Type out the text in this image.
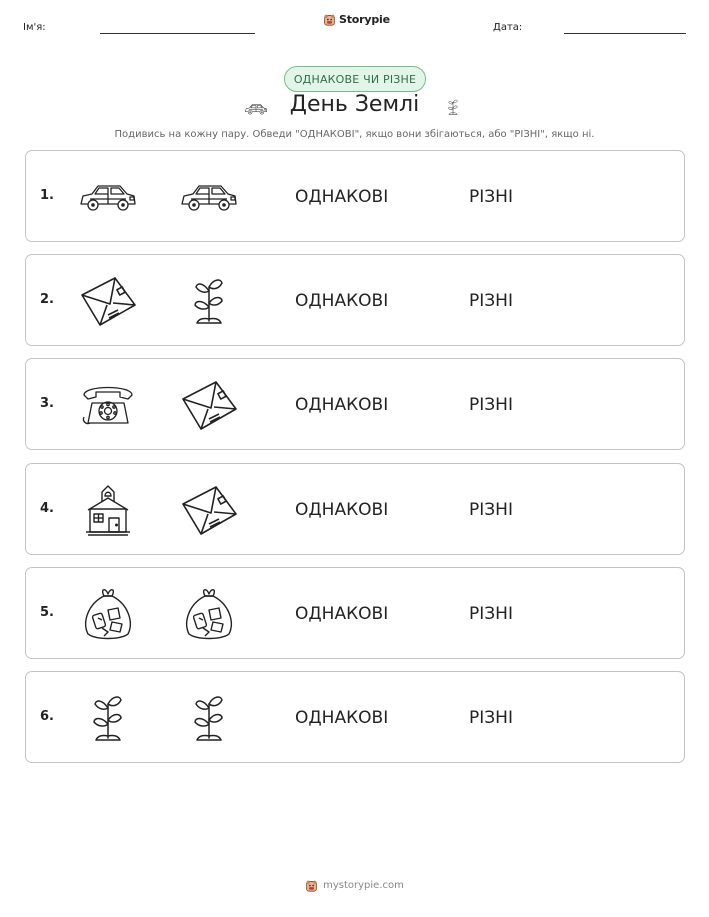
Ім'я:
Storypie
Дата:
ОДНАКОВЕ ЧИ РІЗНЕ
День Землі
Подивись на кожну пару. Обведи "ОДНАКОВІ", якщо вони збігаються, або "РІЗНІ", якщо ні.
1.	ОДНАКОВІ	РІЗНІ
2.	ОДНАКОВІ	РІЗНІ
3.	ОДНАКОВІ	РІЗНІ
4.	ОДНАКОВІ	РІЗНІ
5.	ОДНАКОВІ	РІЗНІ
6.	ОДНАКОВІ	РІЗНІ
mystorypie.com
